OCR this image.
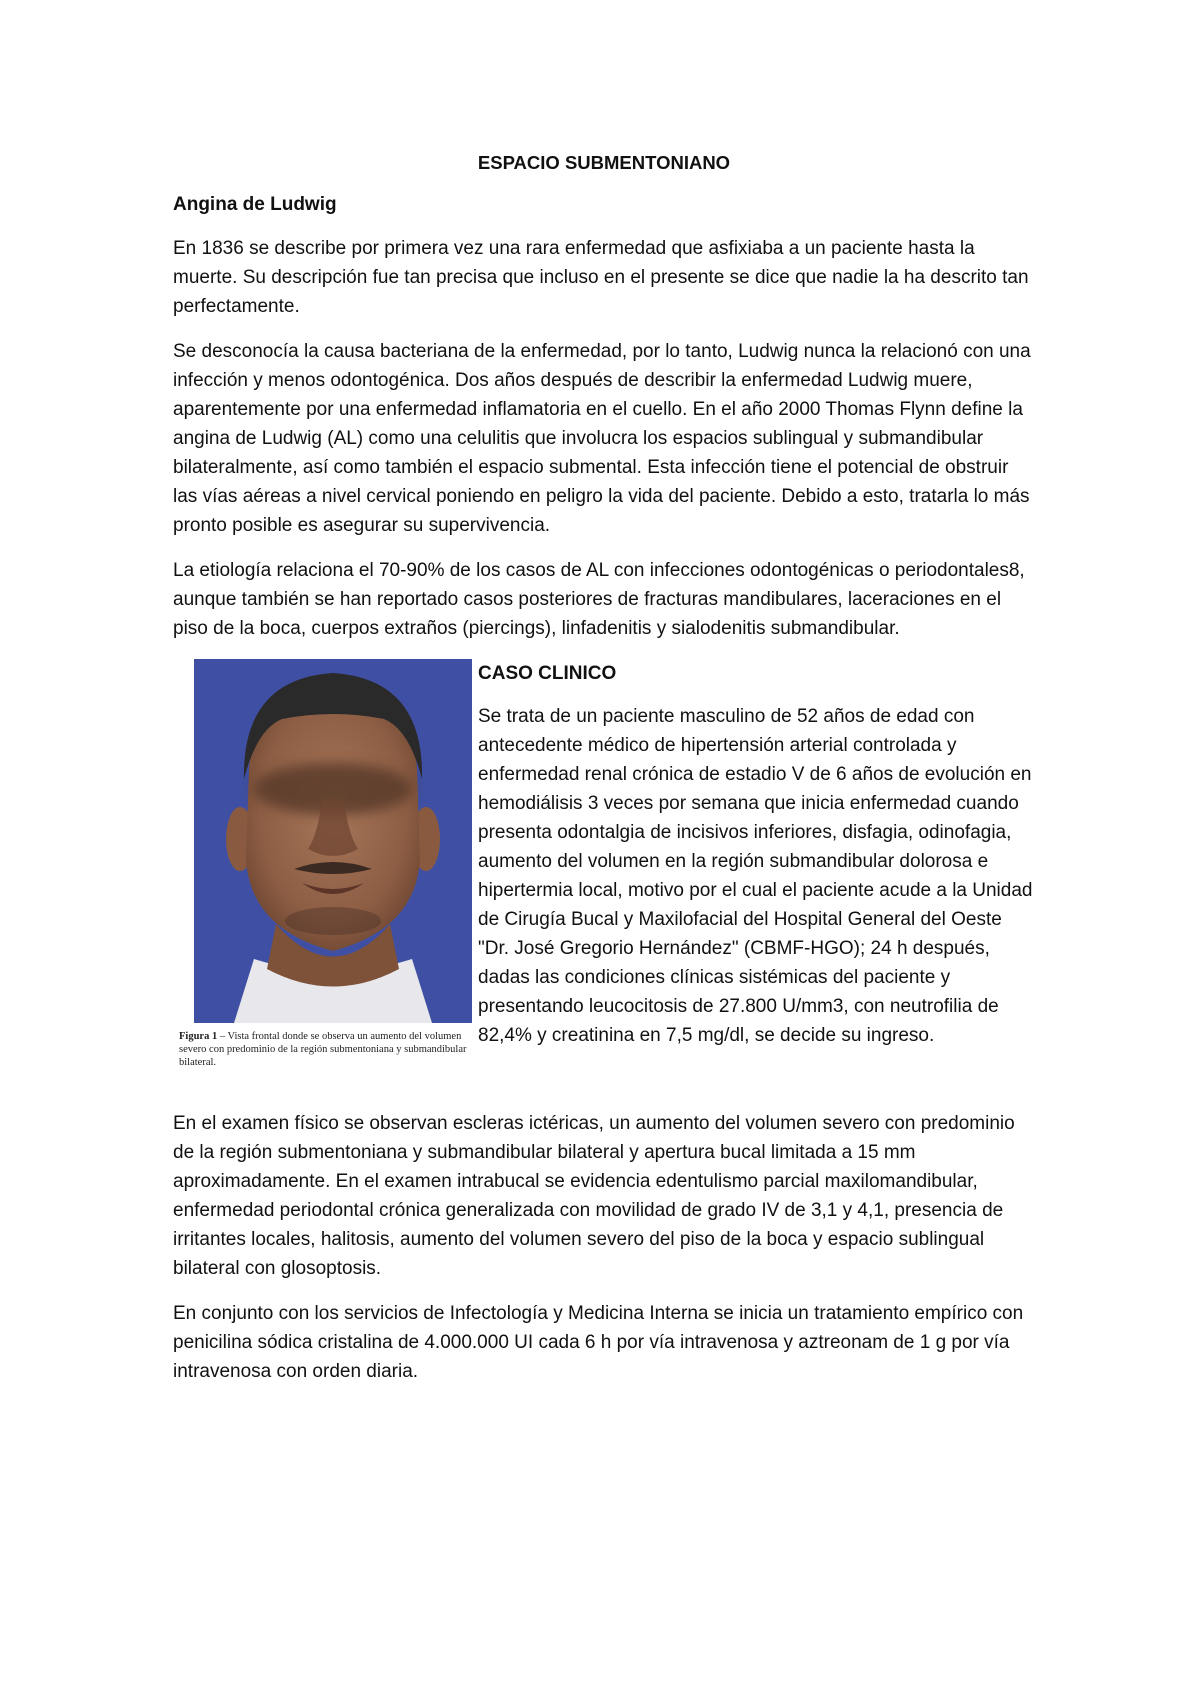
ESPACIO SUBMENTONIANO
Angina de Ludwig

En 1836 se describe por primera vez una rara enfermedad que asfixiaba a un paciente hasta la muerte. Su descripción fue tan precisa que incluso en el presente se dice que nadie la ha descrito tan perfectamente.

Se desconocía la causa bacteriana de la enfermedad, por lo tanto, Ludwig nunca la relacionó con una infección y menos odontogénica. Dos años después de describir la enfermedad Ludwig muere, aparentemente por una enfermedad inflamatoria en el cuello. En el año 2000 Thomas Flynn define la angina de Ludwig (AL) como una celulitis que involucra los espacios sublingual y submandibular bilateralmente, así como también el espacio submental. Esta infección tiene el potencial de obstruir las vías aéreas a nivel cervical poniendo en peligro la vida del paciente. Debido a esto, tratarla lo más pronto posible es asegurar su supervivencia.

La etiología relaciona el 70-90% de los casos de AL con infecciones odontogénicas o periodontales8, aunque también se han reportado casos posteriores de fracturas mandibulares, laceraciones en el piso de la boca, cuerpos extraños (piercings), linfadenitis y sialodenitis submandibular.

Figura 1 – Vista frontal donde se observa un aumento del volumen severo con predominio de la región submentoniana y submandibular bilateral.
CASO CLINICO

Se trata de un paciente masculino de 52 años de edad con antecedente médico de hipertensión arterial controlada y enfermedad renal crónica de estadio V de 6 años de evolución en hemodiálisis 3 veces por semana que inicia enfermedad cuando presenta odontalgia de incisivos inferiores, disfagia, odinofagia, aumento del volumen en la región submandibular dolorosa e hipertermia local, motivo por el cual el paciente acude a la Unidad de Cirugía Bucal y Maxilofacial del Hospital General del Oeste "Dr. José Gregorio Hernández" (CBMF-HGO); 24 h después, dadas las condiciones clínicas sistémicas del paciente y presentando leucocitosis de 27.800 U/mm3, con neutrofilia de 82,4% y creatinina en 7,5 mg/dl, se decide su ingreso.

En el examen físico se observan escleras ictéricas, un aumento del volumen severo con predominio de la región submentoniana y submandibular bilateral y apertura bucal limitada a 15 mm aproximadamente. En el examen intrabucal se evidencia edentulismo parcial maxilomandibular, enfermedad periodontal crónica generalizada con movilidad de grado IV de 3,1 y 4,1, presencia de irritantes locales, halitosis, aumento del volumen severo del piso de la boca y espacio sublingual bilateral con glosoptosis.

En conjunto con los servicios de Infectología y Medicina Interna se inicia un tratamiento empírico con penicilina sódica cristalina de 4.000.000 UI cada 6 h por vía intravenosa y aztreonam de 1 g por vía intravenosa con orden diaria.
